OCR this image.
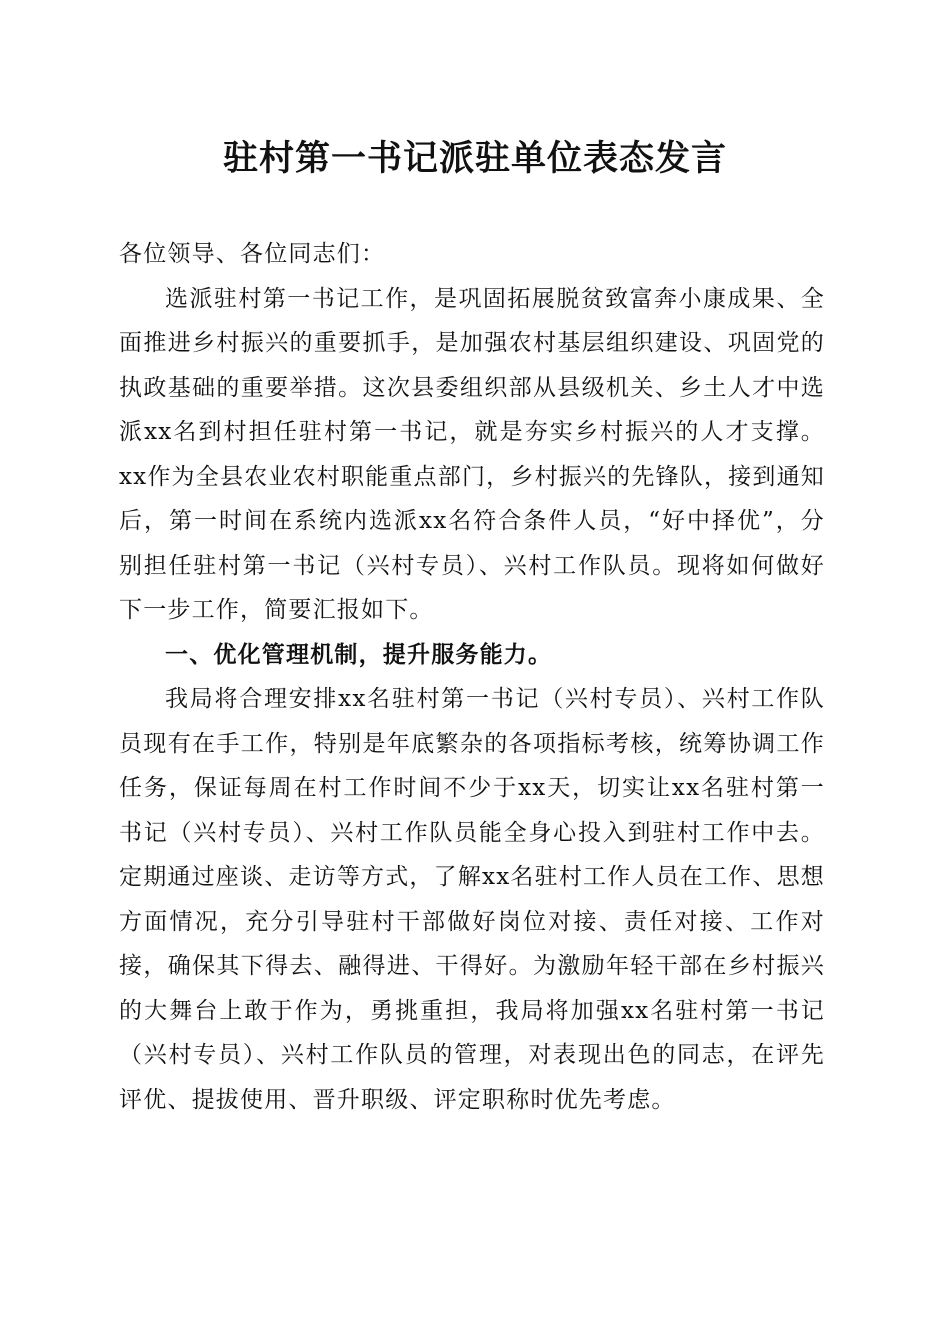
驻村第一书记派驻单位表态发言

各位领导、各位同志们：

选派驻村第一书记工作，是巩固拓展脱贫致富奔小康成果、全面推进乡村振兴的重要抓手，是加强农村基层组织建设、巩固党的执政基础的重要举措。这次县委组织部从县级机关、乡土人才中选派xx名到村担任驻村第一书记，就是夯实乡村振兴的人才支撑。xx作为全县农业农村职能重点部门，乡村振兴的先锋队，接到通知后，第一时间在系统内选派xx名符合条件人员，“好中择优”，分别担任驻村第一书记（兴村专员）、兴村工作队员。现将如何做好下一步工作，简要汇报如下。

一、优化管理机制，提升服务能力。

我局将合理安排xx名驻村第一书记（兴村专员）、兴村工作队员现有在手工作，特别是年底繁杂的各项指标考核，统筹协调工作任务，保证每周在村工作时间不少于xx天，切实让xx名驻村第一书记（兴村专员）、兴村工作队员能全身心投入到驻村工作中去。定期通过座谈、走访等方式，了解xx名驻村工作人员在工作、思想方面情况，充分引导驻村干部做好岗位对接、责任对接、工作对接，确保其下得去、融得进、干得好。为激励年轻干部在乡村振兴的大舞台上敢于作为，勇挑重担，我局将加强xx名驻村第一书记（兴村专员）、兴村工作队员的管理，对表现出色的同志，在评先评优、提拔使用、晋升职级、评定职称时优先考虑。
